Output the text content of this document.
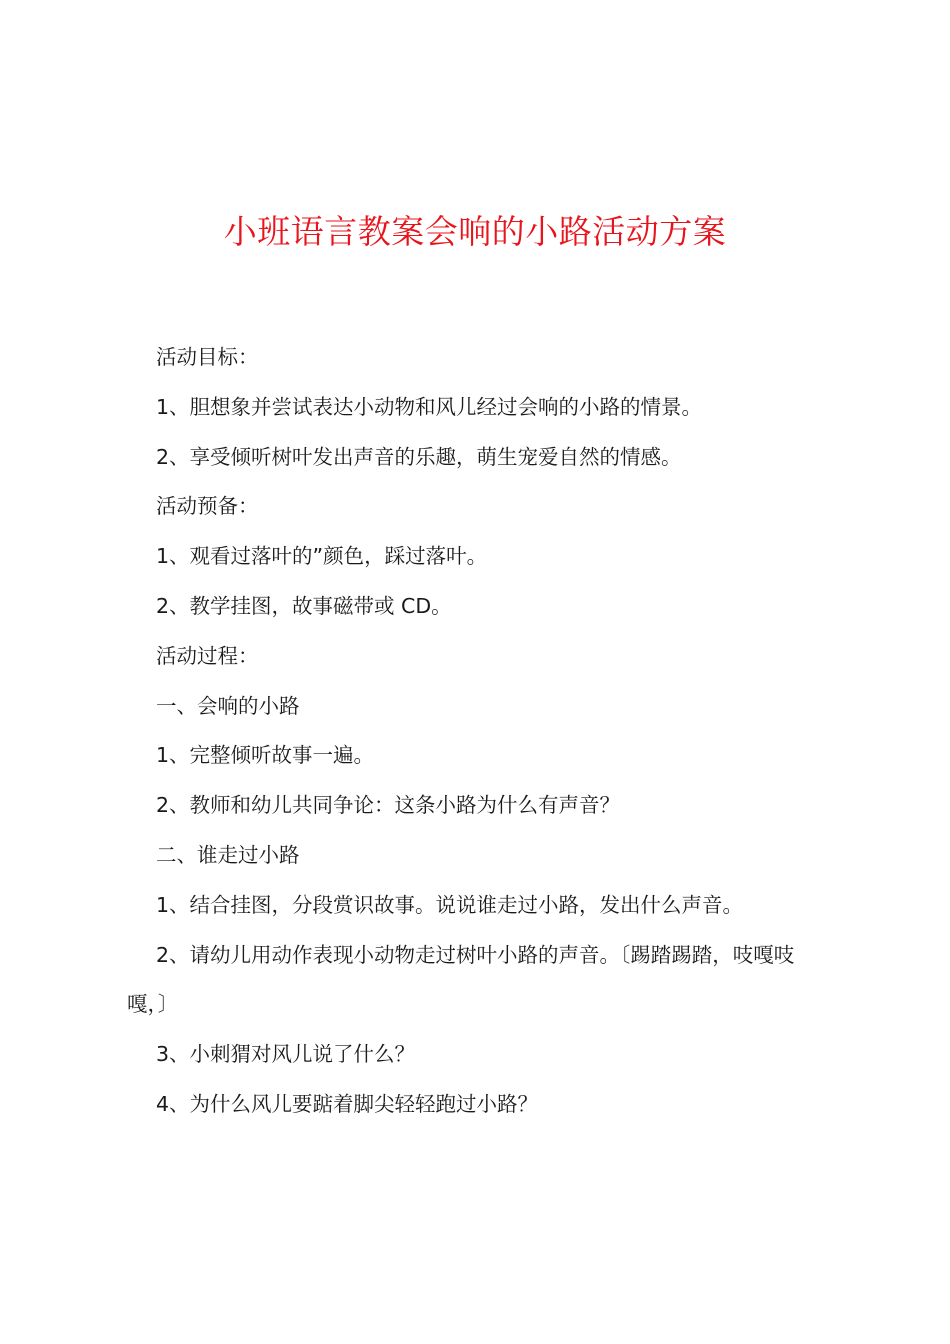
小班语言教案会响的小路活动方案

活动目标：

1、胆想象并尝试表达小动物和风儿经过会响的小路的情景。

2、享受倾听树叶发出声音的乐趣，萌生宠爱自然的情感。

活动预备：

1、观看过落叶的”颜色，踩过落叶。

2、教学挂图，故事磁带或 CD。

活动过程：

一、会响的小路

1、完整倾听故事一遍。

2、教师和幼儿共同争论：这条小路为什么有声音？

二、谁走过小路

1、结合挂图，分段赏识故事。说说谁走过小路，发出什么声音。

2、请幼儿用动作表现小动物走过树叶小路的声音。〔踢踏踢踏，吱嘎吱嘎，〕

3、小刺猬对风儿说了什么？

4、为什么风儿要踮着脚尖轻轻跑过小路？
